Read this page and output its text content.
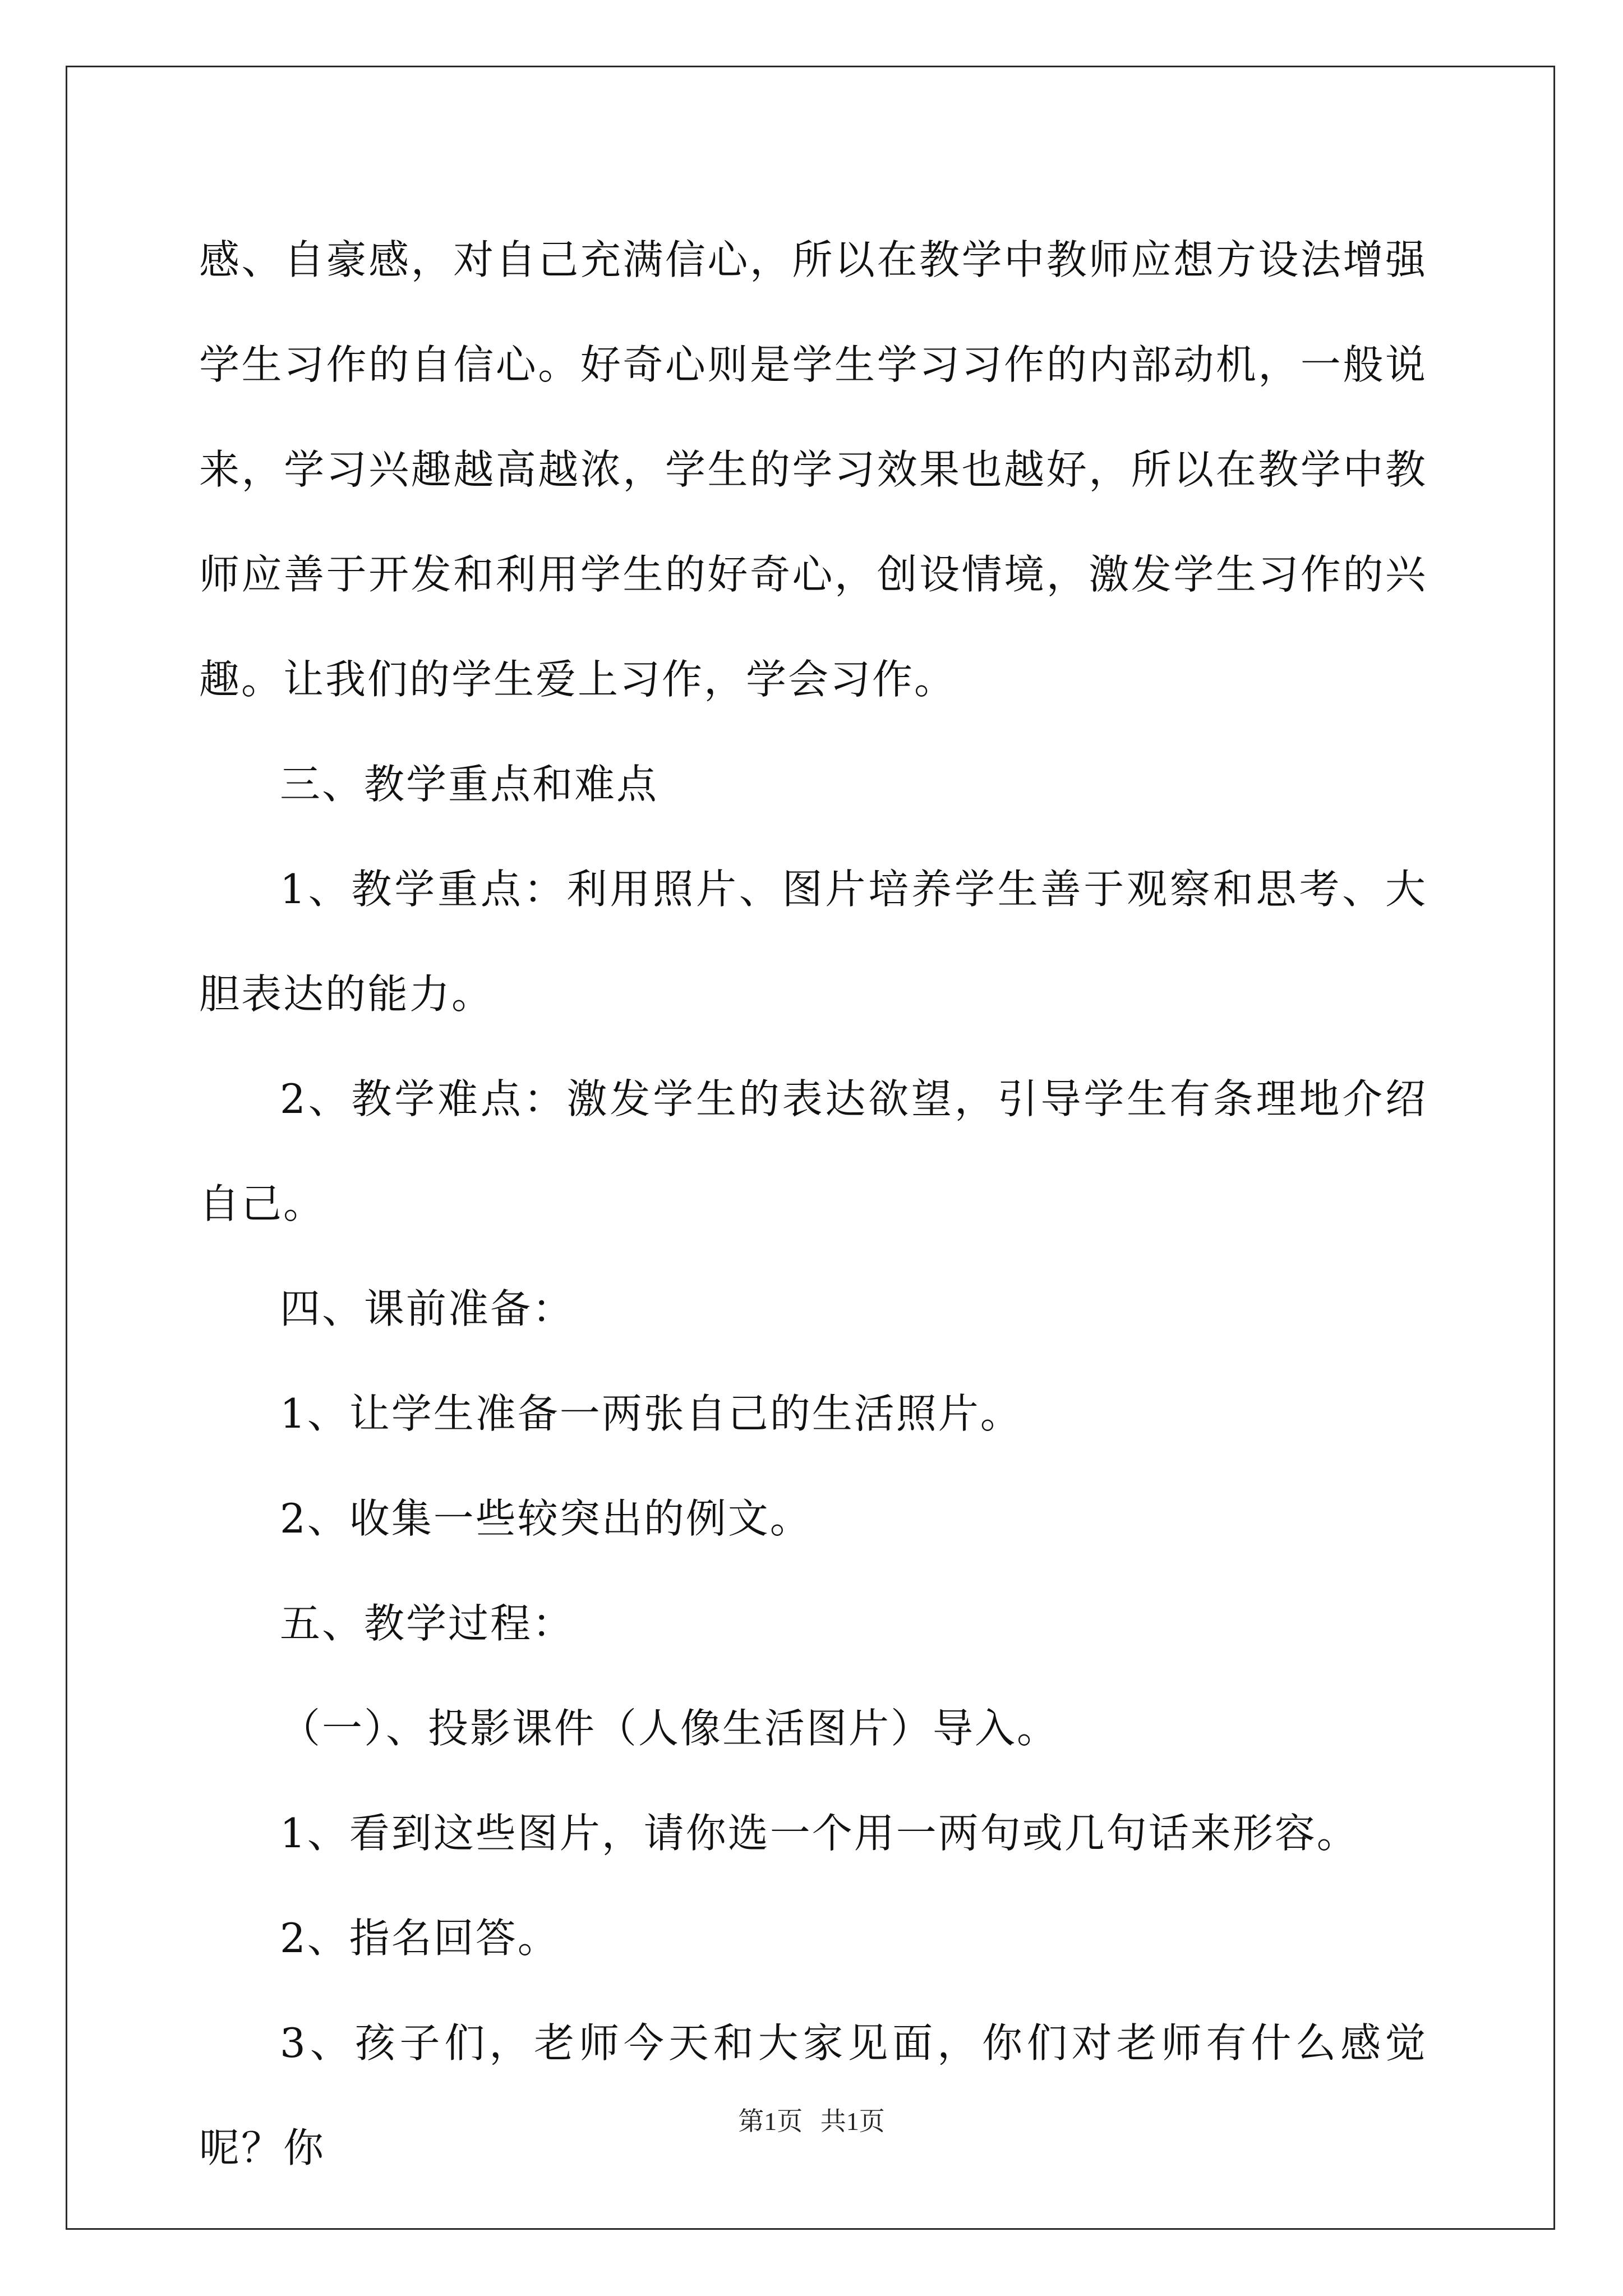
感、自豪感，对自己充满信心，所以在教学中教师应想方设法增强学生习作的自信心。好奇心则是学生学习习作的内部动机，一般说来，学习兴趣越高越浓，学生的学习效果也越好，所以在教学中教师应善于开发和利用学生的好奇心，创设情境，激发学生习作的兴趣。让我们的学生爱上习作，学会习作。

三、教学重点和难点

1、教学重点：利用照片、图片培养学生善于观察和思考、大胆表达的能力。

2、教学难点：激发学生的表达欲望，引导学生有条理地介绍自己。

四、课前准备：

1、让学生准备一两张自己的生活照片。

2、收集一些较突出的例文。

五、教学过程：

（一）、投影课件（人像生活图片）导入。

1、看到这些图片，请你选一个用一两句或几句话来形容。

2、指名回答。

3、孩子们，老师今天和大家见面，你们对老师有什么感觉呢？你

第1页 共1页
